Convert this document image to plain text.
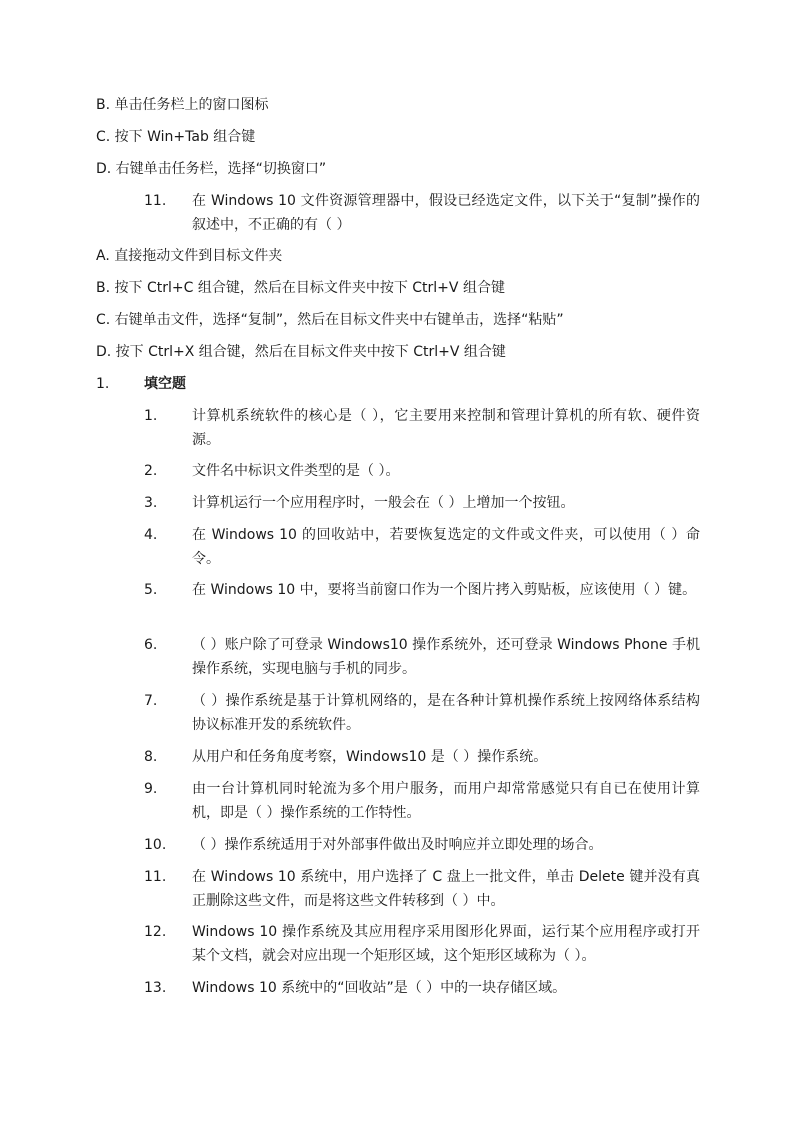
B. 单击任务栏上的窗口图标
C. 按下 Win+Tab 组合键
D. 右键单击任务栏，选择“切换窗口”
11. 在 Windows 10 文件资源管理器中，假设已经选定文件，以下关于“复制”操作的叙述中，不正确的有（ ）
A. 直接拖动文件到目标文件夹
B. 按下 Ctrl+C 组合键，然后在目标文件夹中按下 Ctrl+V 组合键
C. 右键单击文件，选择“复制”，然后在目标文件夹中右键单击，选择“粘贴”
D. 按下 Ctrl+X 组合键，然后在目标文件夹中按下 Ctrl+V 组合键
1. 填空题
1. 计算机系统软件的核心是（ ），它主要用来控制和管理计算机的所有软、硬件资源。
2. 文件名中标识文件类型的是（ ）。
3. 计算机运行一个应用程序时，一般会在（ ）上增加一个按钮。
4. 在 Windows 10 的回收站中，若要恢复选定的文件或文件夹，可以使用（ ）命令。
5. 在 Windows 10 中，要将当前窗口作为一个图片拷入剪贴板，应该使用（ ）键。
6. （ ）账户除了可登录 Windows10 操作系统外，还可登录 Windows Phone 手机操作系统，实现电脑与手机的同步。
7. （ ）操作系统是基于计算机网络的，是在各种计算机操作系统上按网络体系结构协议标准开发的系统软件。
8. 从用户和任务角度考察，Windows10 是（ ）操作系统。
9. 由一台计算机同时轮流为多个用户服务，而用户却常常感觉只有自已在使用计算机，即是（ ）操作系统的工作特性。
10. （ ）操作系统适用于对外部事件做出及时响应并立即处理的场合。
11. 在 Windows 10 系统中，用户选择了 C 盘上一批文件，单击 Delete 键并没有真正删除这些文件，而是将这些文件转移到（ ）中。
12. Windows 10 操作系统及其应用程序采用图形化界面，运行某个应用程序或打开某个文档，就会对应出现一个矩形区域，这个矩形区域称为（ ）。
13. Windows 10 系统中的“回收站”是（ ）中的一块存储区域。
